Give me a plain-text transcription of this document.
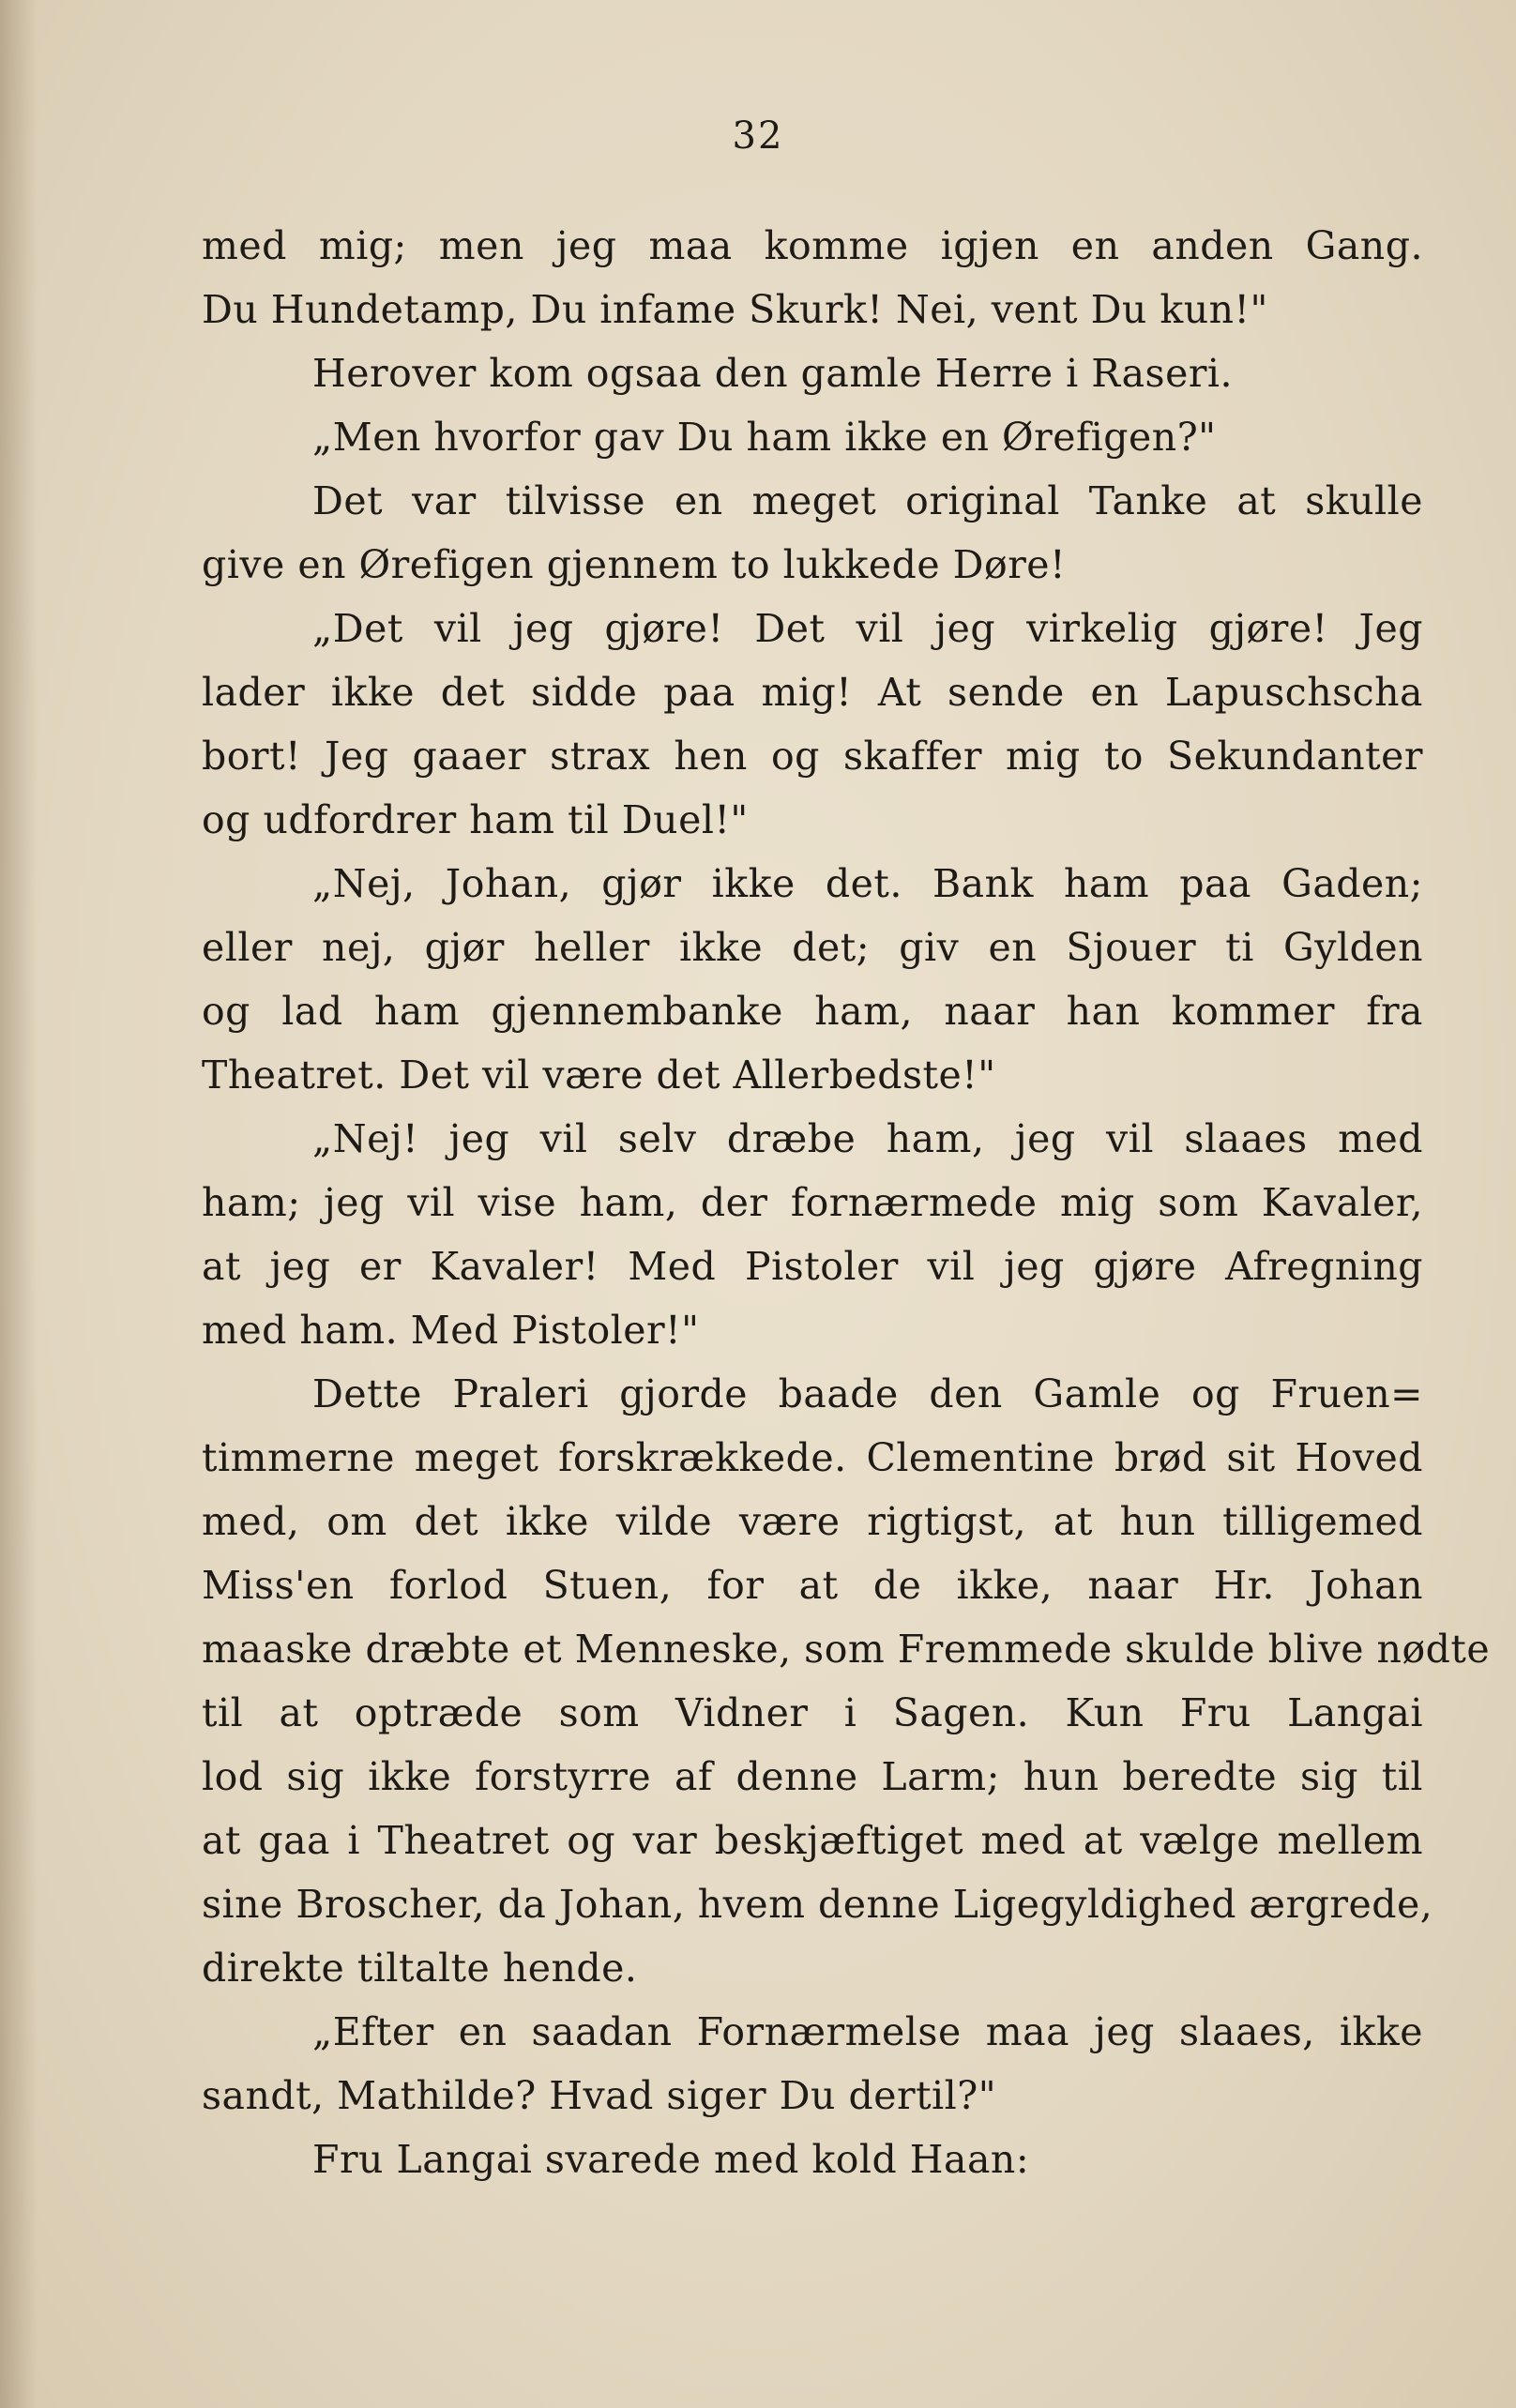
32
med mig; men jeg maa komme igjen en anden Gang.
Du Hundetamp, Du infame Skurk! Nei, vent Du kun!"
Herover kom ogsaa den gamle Herre i Raseri.
„Men hvorfor gav Du ham ikke en Ørefigen?"
Det var tilvisse en meget original Tanke at skulle
give en Ørefigen gjennem to lukkede Døre!
„Det vil jeg gjøre! Det vil jeg virkelig gjøre! Jeg
lader ikke det sidde paa mig! At sende en Lapuschscha
bort! Jeg gaaer strax hen og skaffer mig to Sekundanter
og udfordrer ham til Duel!"
„Nej, Johan, gjør ikke det. Bank ham paa Gaden;
eller nej, gjør heller ikke det; giv en Sjouer ti Gylden
og lad ham gjennembanke ham, naar han kommer fra
Theatret. Det vil være det Allerbedste!"
„Nej! jeg vil selv dræbe ham, jeg vil slaaes med
ham; jeg vil vise ham, der fornærmede mig som Kavaler,
at jeg er Kavaler! Med Pistoler vil jeg gjøre Afregning
med ham. Med Pistoler!"
Dette Praleri gjorde baade den Gamle og Fruen=
timmerne meget forskrækkede. Clementine brød sit Hoved
med, om det ikke vilde være rigtigst, at hun tilligemed
Miss'en forlod Stuen, for at de ikke, naar Hr. Johan
maaske dræbte et Menneske, som Fremmede skulde blive nødte
til at optræde som Vidner i Sagen. Kun Fru Langai
lod sig ikke forstyrre af denne Larm; hun beredte sig til
at gaa i Theatret og var beskjæftiget med at vælge mellem
sine Broscher, da Johan, hvem denne Ligegyldighed ærgrede,
direkte tiltalte hende.
„Efter en saadan Fornærmelse maa jeg slaaes, ikke
sandt, Mathilde? Hvad siger Du dertil?"
Fru Langai svarede med kold Haan:
